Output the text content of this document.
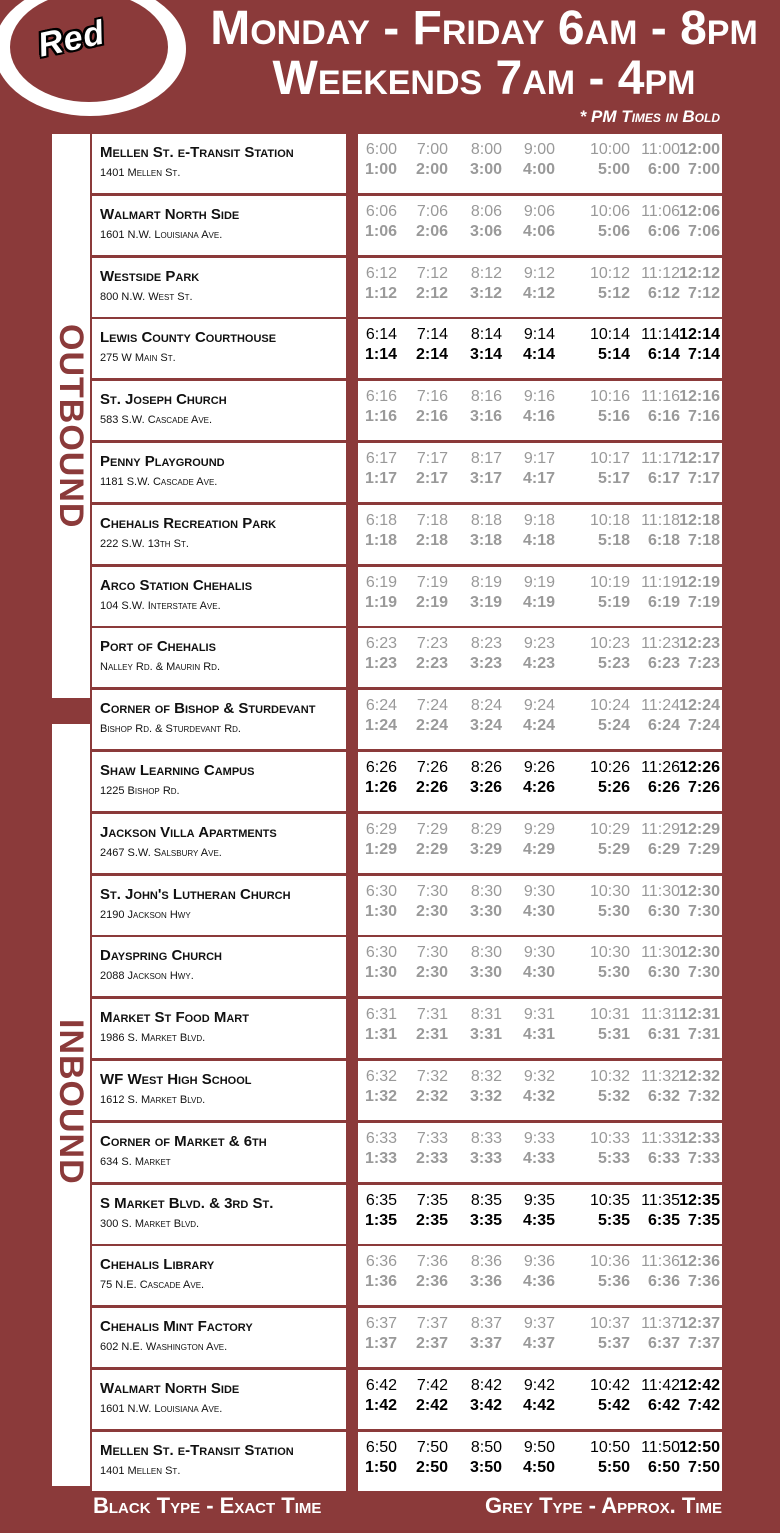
Red	Monday - Friday 6am - 8pm
Weekends 7am - 4pm
* PM Times in Bold
OUTBOUND
INBOUND
Mellen St. e-Transit Station
1401 Mellen St.
6:00	7:00	8:00	9:00	10:00 11:00 12:00
1:00	2:00	3:00	4:00	5:00	6:00 7:00
Walmart North Side
1601 N.W. Louisiana Ave.
6:06	7:06	8:06	9:06	10:06 11:06 12:06
1:06	2:06	3:06	4:06	5:06	6:06 7:06
Westside Park
800 N.W. West St.
6:12	7:12	8:12	9:12	10:12 11:12 12:12
1:12	2:12	3:12	4:12	5:12	6:12 7:12
Lewis County Courthouse
275 W Main St.
6:14	7:14	8:14	9:14	10:14 11:14 12:14
1:14	2:14	3:14	4:14	5:14	6:14 7:14
St. Joseph Church
583 S.W. Cascade Ave.
6:16	7:16	8:16	9:16	10:16 11:16 12:16
1:16	2:16	3:16	4:16	5:16	6:16 7:16
Penny Playground
1181 S.W. Cascade Ave.
6:17	7:17	8:17	9:17	10:17 11:17 12:17
1:17	2:17	3:17	4:17	5:17	6:17 7:17
Chehalis Recreation Park
222 S.W. 13th St.
6:18	7:18	8:18	9:18	10:18 11:18 12:18
1:18	2:18	3:18	4:18	5:18	6:18 7:18
Arco Station Chehalis
104 S.W. Interstate Ave.
6:19	7:19	8:19	9:19	10:19 11:19 12:19
1:19	2:19	3:19	4:19	5:19	6:19 7:19
Port of Chehalis
Nalley Rd. & Maurin Rd.
6:23	7:23	8:23	9:23	10:23 11:23 12:23
1:23	2:23	3:23	4:23	5:23	6:23 7:23
Corner of Bishop & Sturdevant
Bishop Rd. & Sturdevant Rd.
6:24	7:24	8:24	9:24	10:24 11:24 12:24
1:24	2:24	3:24	4:24	5:24	6:24 7:24
Shaw Learning Campus
1225 Bishop Rd.
6:26	7:26	8:26	9:26	10:26 11:26 12:26
1:26	2:26	3:26	4:26	5:26	6:26 7:26
Jackson Villa Apartments
2467 S.W. Salsbury Ave.
6:29	7:29	8:29	9:29	10:29 11:29 12:29
1:29	2:29	3:29	4:29	5:29	6:29 7:29
St. John's Lutheran Church
2190 Jackson Hwy
6:30	7:30	8:30	9:30	10:30 11:30 12:30
1:30	2:30	3:30	4:30	5:30	6:30 7:30
Dayspring Church
2088 Jackson Hwy.
6:30	7:30	8:30	9:30	10:30 11:30 12:30
1:30	2:30	3:30	4:30	5:30	6:30 7:30
Market St Food Mart
1986 S. Market Blvd.
6:31	7:31	8:31	9:31	10:31 11:31 12:31
1:31	2:31	3:31	4:31	5:31	6:31 7:31
WF West High School
1612 S. Market Blvd.
6:32	7:32	8:32	9:32	10:32 11:32 12:32
1:32	2:32	3:32	4:32	5:32	6:32 7:32
Corner of Market & 6th
634 S. Market
6:33	7:33	8:33	9:33	10:33 11:33 12:33
1:33	2:33	3:33	4:33	5:33	6:33 7:33
S Market Blvd. & 3rd St.
300 S. Market Blvd.
6:35	7:35	8:35	9:35	10:35 11:35 12:35
1:35	2:35	3:35	4:35	5:35	6:35 7:35
Chehalis Library
75 N.E. Cascade Ave.
6:36	7:36	8:36	9:36	10:36 11:36 12:36
1:36	2:36	3:36	4:36	5:36	6:36 7:36
Chehalis Mint Factory
602 N.E. Washington Ave.
6:37	7:37	8:37	9:37	10:37 11:37 12:37
1:37	2:37	3:37	4:37	5:37	6:37 7:37
Walmart North Side
1601 N.W. Louisiana Ave.
6:42	7:42	8:42	9:42	10:42 11:42 12:42
1:42	2:42	3:42	4:42	5:42	6:42 7:42
Mellen St. e-Transit Station
1401 Mellen St.
6:50	7:50	8:50	9:50	10:50 11:50 12:50
1:50	2:50	3:50	4:50	5:50	6:50 7:50
Black Type - Exact Time	Grey Type - Approx. Time
